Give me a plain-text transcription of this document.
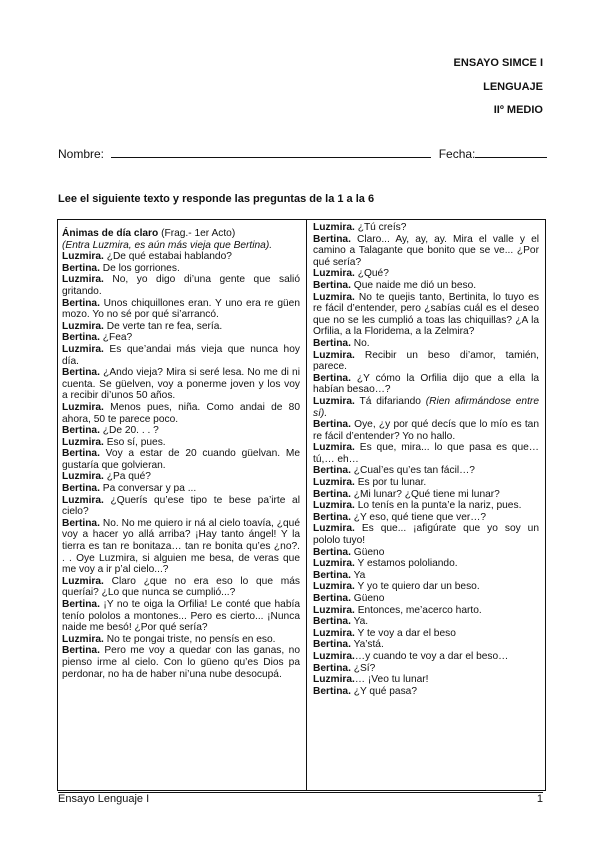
ENSAYO SIMCE I
LENGUAJE
IIº MEDIO
Nombre:	Fecha:
Lee el siguiente texto y responde las preguntas de la 1 a la 6

Ánimas de día claro (Frag.- 1er Acto)

(Entra Luzmira, es aún más vieja que Bertina).

Luzmira. ¿De qué estabai hablando?

Bertina. De los gorriones.

Luzmira. No, yo digo di’una gente que salió gritando.

Bertina. Unos chiquillones eran. Y uno era re güen mozo. Yo no sé por qué si’arrancó.

Luzmira. De verte tan re fea, sería.

Bertina. ¿Fea?

Luzmira. Es que’andai más vieja que nunca hoy día.

Bertina. ¿Ando vieja? Mira si seré lesa. No me di ni cuenta. Se güelven, voy a ponerme joven y los voy a recibir di’unos 50 años.

Luzmira. Menos pues, niña. Como andai de 80 ahora, 50 te parece poco.

Bertina. ¿De 20. . . ?

Luzmira. Eso sí, pues.

Bertina. Voy a estar de 20 cuando güelvan. Me gustaría que golvieran.

Luzmira. ¿Pa qué?

Bertina. Pa conversar y pa ...

Luzmira. ¿Querís qu’ese tipo te bese pa’irte al cielo?

Bertina. No. No me quiero ir ná al cielo toavía, ¿qué voy a hacer yo allá arriba? ¡Hay tanto ángel! Y la tierra es tan re bonitaza… tan re bonita qu’es ¿no?. . . Oye Luzmira, si alguien me besa, de veras que me voy a ir p’al cielo...?

Luzmira. Claro ¿que no era eso lo que más queríai? ¿Lo que nunca se cumplió...?

Bertina. ¡Y no te oiga la Orfilia! Le conté que había tenío pololos a montones... Pero es cierto... ¡Nunca naide me besó! ¿Por qué sería?

Luzmira. No te pongai triste, no pensís en eso.

Bertina. Pero me voy a quedar con las ganas, no pienso irme al cielo. Con lo güeno qu’es Dios pa perdonar, no ha de haber ni’una nube desocupá.

Luzmira. ¿Tú creís?

Bertina. Claro... Ay, ay, ay. Mira el valle y el camino a Talagante que bonito que se ve... ¿Por qué sería?

Luzmira. ¿Qué?

Bertina. Que naide me dió un beso.

Luzmira. No te quejis tanto, Bertinita, lo tuyo es re fácil d’entender, pero ¿sabías cuál es el deseo que no se les cumplió a toas las chiquillas? ¿A la Orfilia, a la Floridema, a la Zelmira?

Bertina. No.

Luzmira. Recibir un beso di’amor, tamién, parece.

Bertina. ¿Y cómo la Orfilia dijo que a ella la habían besao…?

Luzmira. Tá difariando (Rien afirmándose entre sí).

Bertina. Oye, ¿y por qué decís que lo mío es tan re fácil d’entender? Yo no hallo.

Luzmira. Es que, mira... lo que pasa es que… tú,… eh…

Bertina. ¿Cual’es qu’es tan fácil…?

Luzmira. Es por tu lunar.

Bertina. ¿Mi lunar? ¿Qué tiene mi lunar?

Luzmira. Lo tenís en la punta’e la nariz, pues.

Bertina. ¿Y eso, qué tiene que ver…?

Luzmira. Es que... ¡afigúrate que yo soy un pololo tuyo!

Bertina. Güeno

Luzmira. Y estamos pololiando.

Bertina. Ya

Luzmira. Y yo te quiero dar un beso.

Bertina. Güeno

Luzmira. Entonces, me’acerco harto.

Bertina. Ya.

Luzmira. Y te voy a dar el beso

Bertina. Ya’stá.

Luzmira.…y cuando te voy a dar el beso…

Bertina. ¿Sí?

Luzmira.… ¡Veo tu lunar!

Bertina. ¿Y qué pasa?

Ensayo Lenguaje I	1
